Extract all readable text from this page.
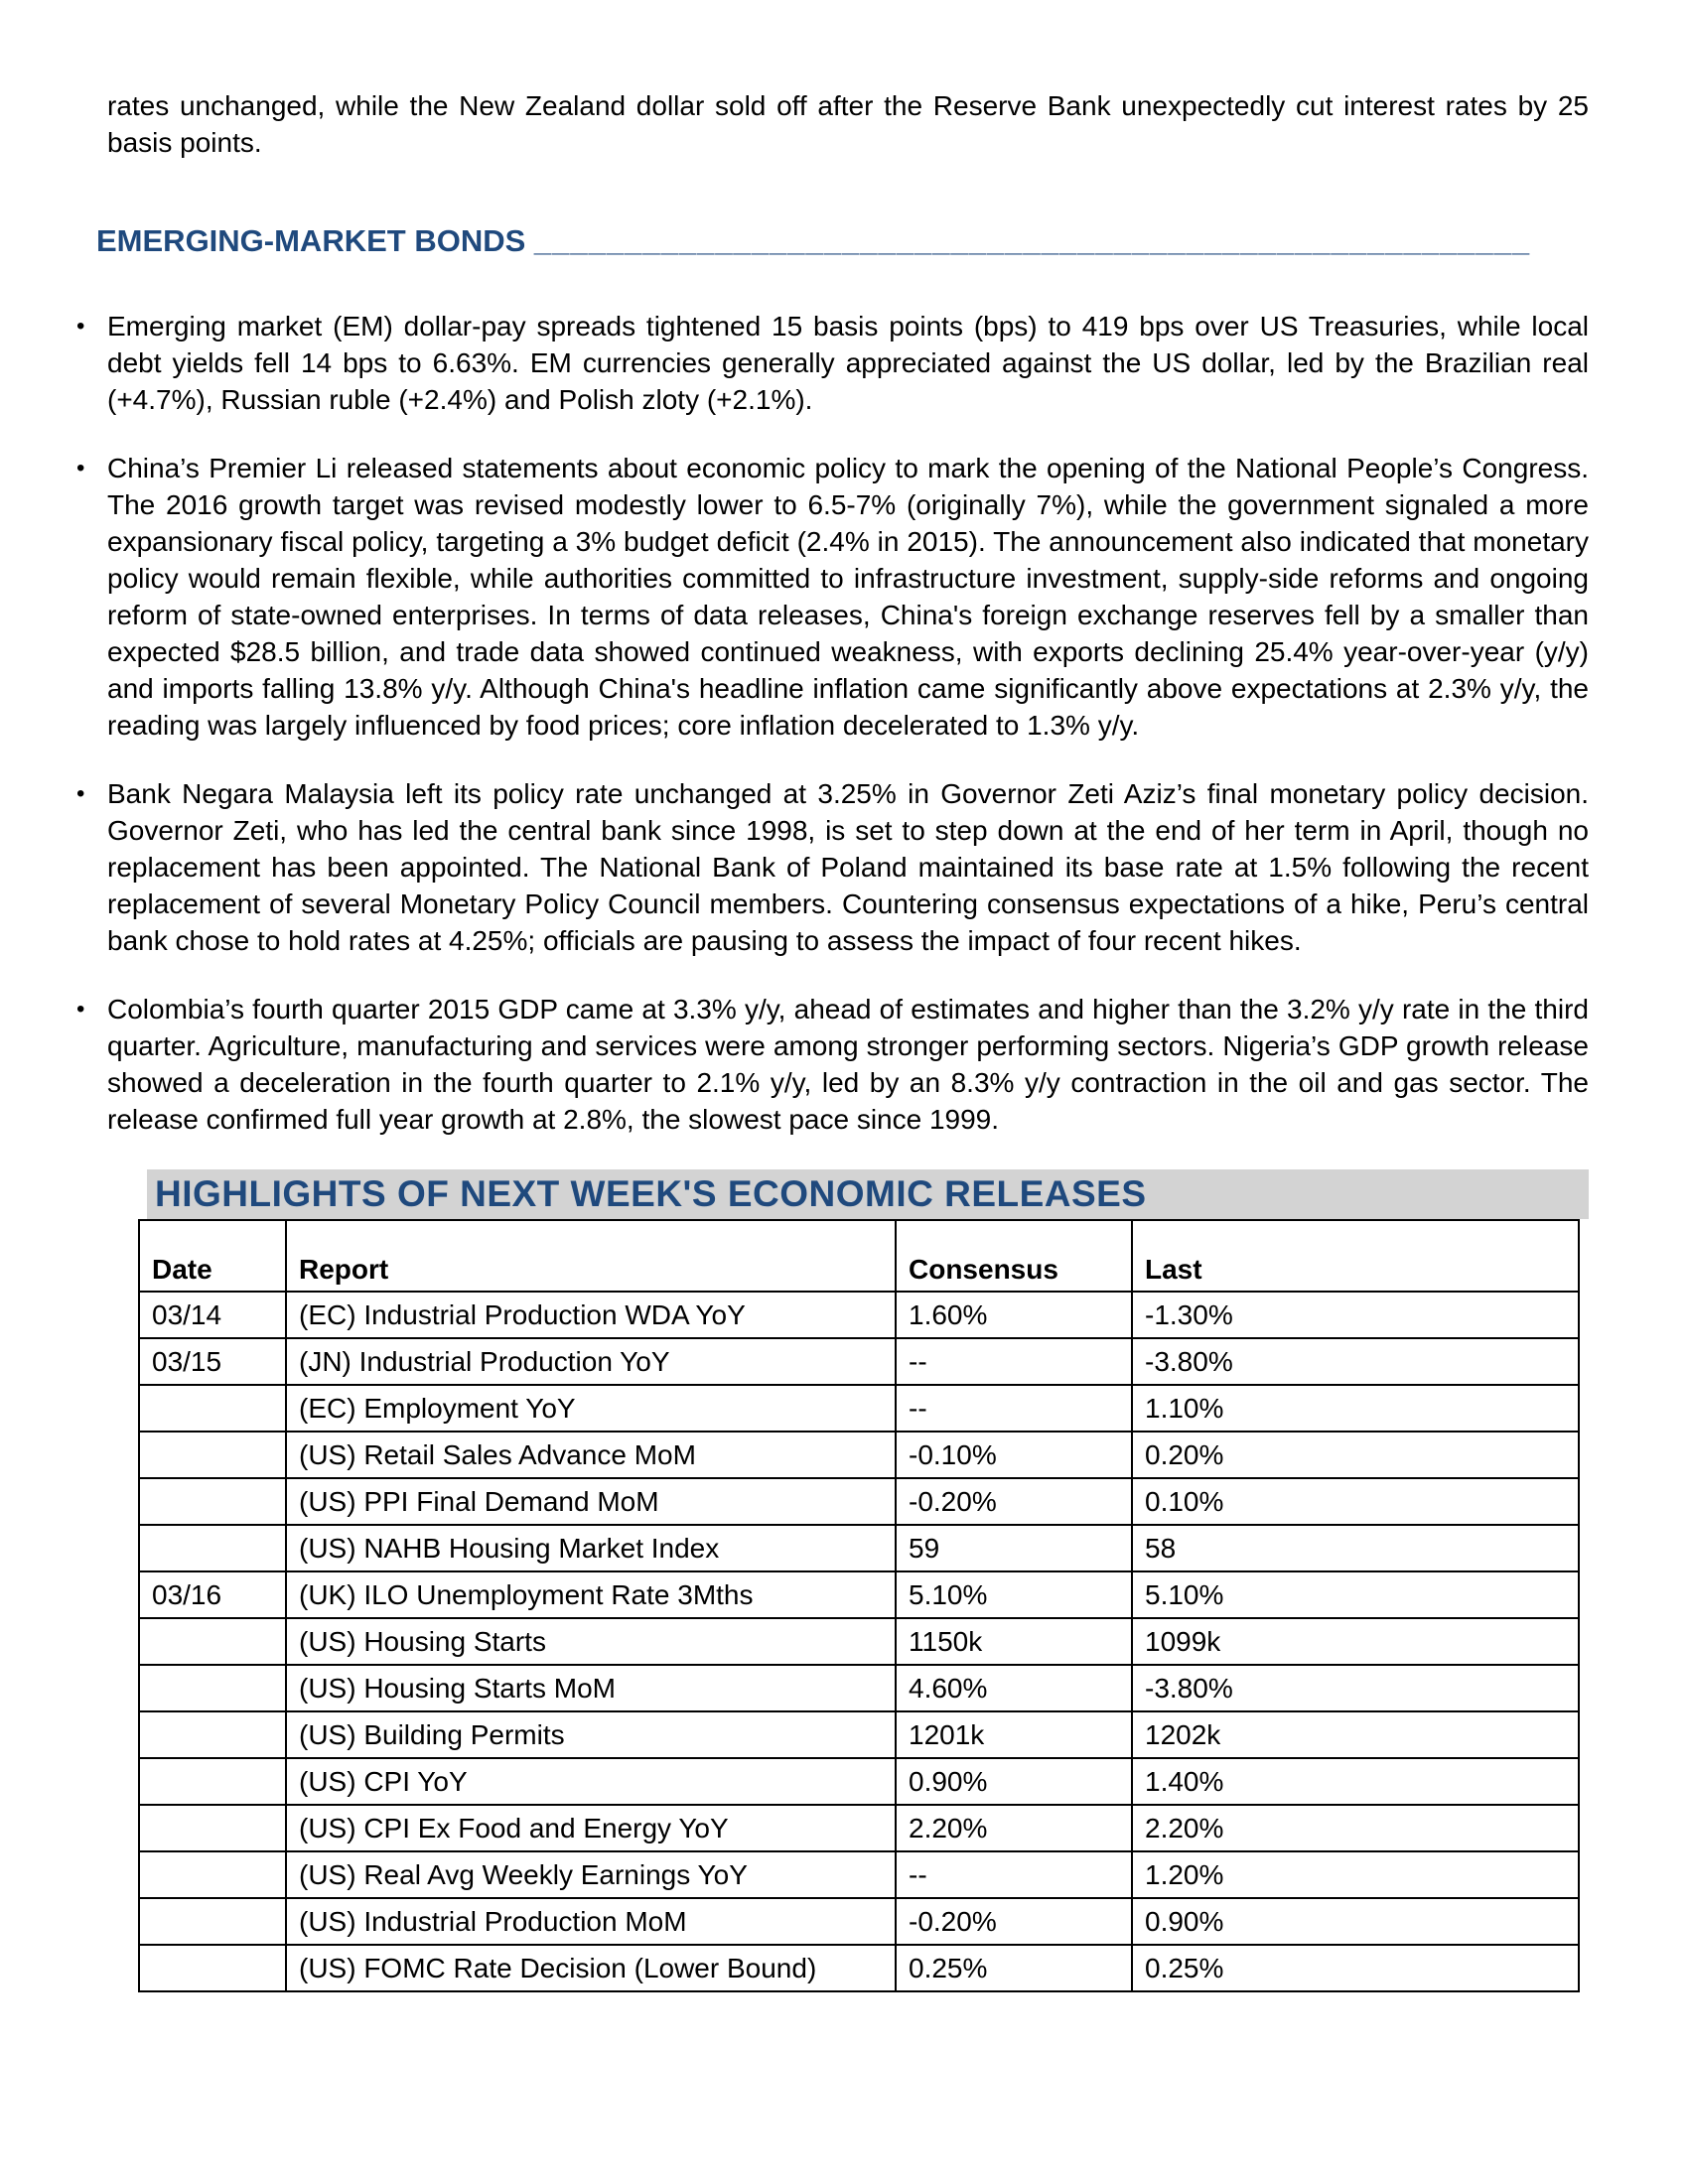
rates unchanged, while the New Zealand dollar sold off after the Reserve Bank unexpectedly cut interest rates by 25 basis points.

EMERGING-MARKET BONDS _______________________________________________________
• Emerging market (EM) dollar-pay spreads tightened 15 basis points (bps) to 419 bps over US Treasuries, while local debt yields fell 14 bps to 6.63%. EM currencies generally appreciated against the US dollar, led by the Brazilian real (+4.7%), Russian ruble (+2.4%) and Polish zloty (+2.1%).
• China’s Premier Li released statements about economic policy to mark the opening of the National People’s Congress. The 2016 growth target was revised modestly lower to 6.5-7% (originally 7%), while the government signaled a more expansionary fiscal policy, targeting a 3% budget deficit (2.4% in 2015). The announcement also indicated that monetary policy would remain flexible, while authorities committed to infrastructure investment, supply-side reforms and ongoing reform of state-owned enterprises. In terms of data releases, China's foreign exchange reserves fell by a smaller than expected $28.5 billion, and trade data showed continued weakness, with exports declining 25.4% year-over-year (y/y) and imports falling 13.8% y/y. Although China's headline inflation came significantly above expectations at 2.3% y/y, the reading was largely influenced by food prices; core inflation decelerated to 1.3% y/y.
• Bank Negara Malaysia left its policy rate unchanged at 3.25% in Governor Zeti Aziz’s final monetary policy decision. Governor Zeti, who has led the central bank since 1998, is set to step down at the end of her term in April, though no replacement has been appointed. The National Bank of Poland maintained its base rate at 1.5% following the recent replacement of several Monetary Policy Council members. Countering consensus expectations of a hike, Peru’s central bank chose to hold rates at 4.25%; officials are pausing to assess the impact of four recent hikes.
• Colombia’s fourth quarter 2015 GDP came at 3.3% y/y, ahead of estimates and higher than the 3.2% y/y rate in the third quarter. Agriculture, manufacturing and services were among stronger performing sectors. Nigeria’s GDP growth release showed a deceleration in the fourth quarter to 2.1% y/y, led by an 8.3% y/y contraction in the oil and gas sector. The release confirmed full year growth at 2.8%, the slowest pace since 1999.
HIGHLIGHTS OF NEXT WEEK'S ECONOMIC RELEASES
Date	Report	Consensus	Last
03/14	(EC) Industrial Production WDA YoY	1.60%	-1.30%
03/15	(JN) Industrial Production YoY	--	-3.80%
	(EC) Employment YoY	--	1.10%
	(US) Retail Sales Advance MoM	-0.10%	0.20%
	(US) PPI Final Demand MoM	-0.20%	0.10%
	(US) NAHB Housing Market Index	59	58
03/16	(UK) ILO Unemployment Rate 3Mths	5.10%	5.10%
	(US) Housing Starts	1150k	1099k
	(US) Housing Starts MoM	4.60%	-3.80%
	(US) Building Permits	1201k	1202k
	(US) CPI YoY	0.90%	1.40%
	(US) CPI Ex Food and Energy YoY	2.20%	2.20%
	(US) Real Avg Weekly Earnings YoY	--	1.20%
	(US) Industrial Production MoM	-0.20%	0.90%
	(US) FOMC Rate Decision (Lower Bound)	0.25%	0.25%
